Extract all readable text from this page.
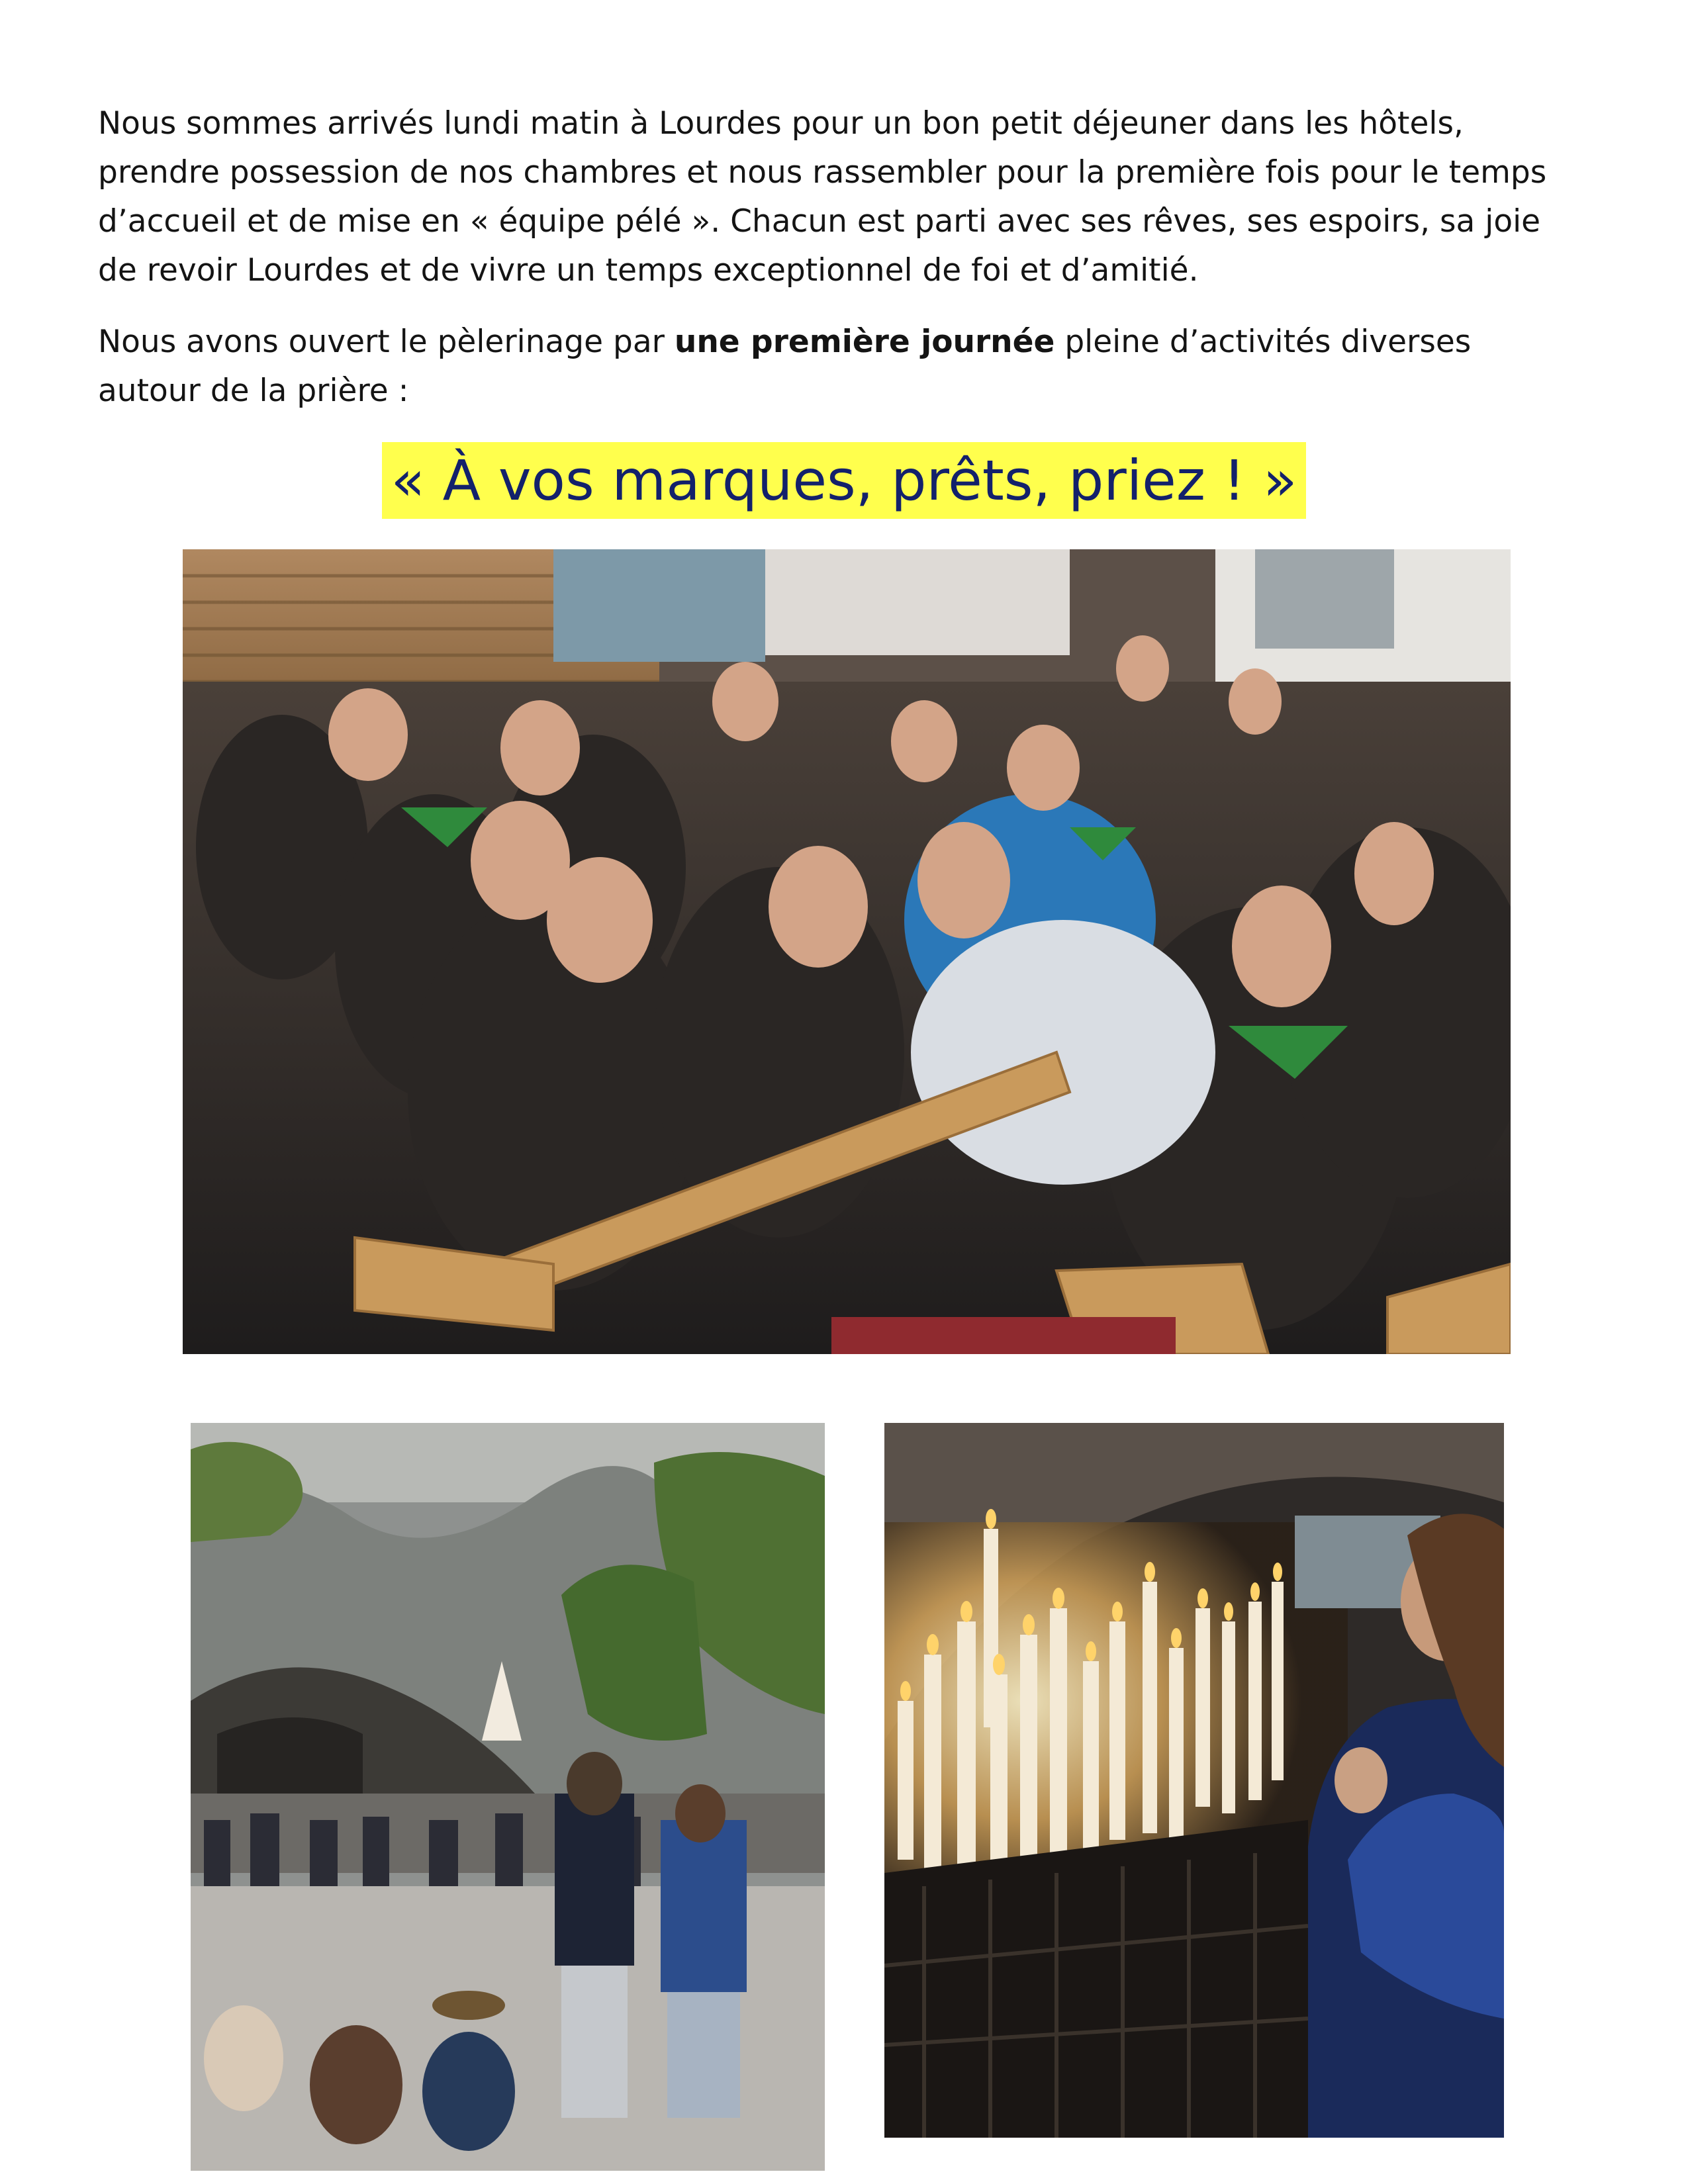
Nous sommes arrivés lundi matin à Lourdes pour un bon petit déjeuner dans les hôtels, prendre possession de nos chambres et nous rassembler pour la première fois pour le temps d’accueil et de mise en « équipe pélé ». Chacun est parti avec ses rêves, ses espoirs, sa joie de revoir Lourdes et de vivre un temps exceptionnel de foi et d’amitié.
Nous avons ouvert le pèlerinage par une première journée pleine d’activités diverses autour de la prière :
« À vos marques, prêts, priez ! »
